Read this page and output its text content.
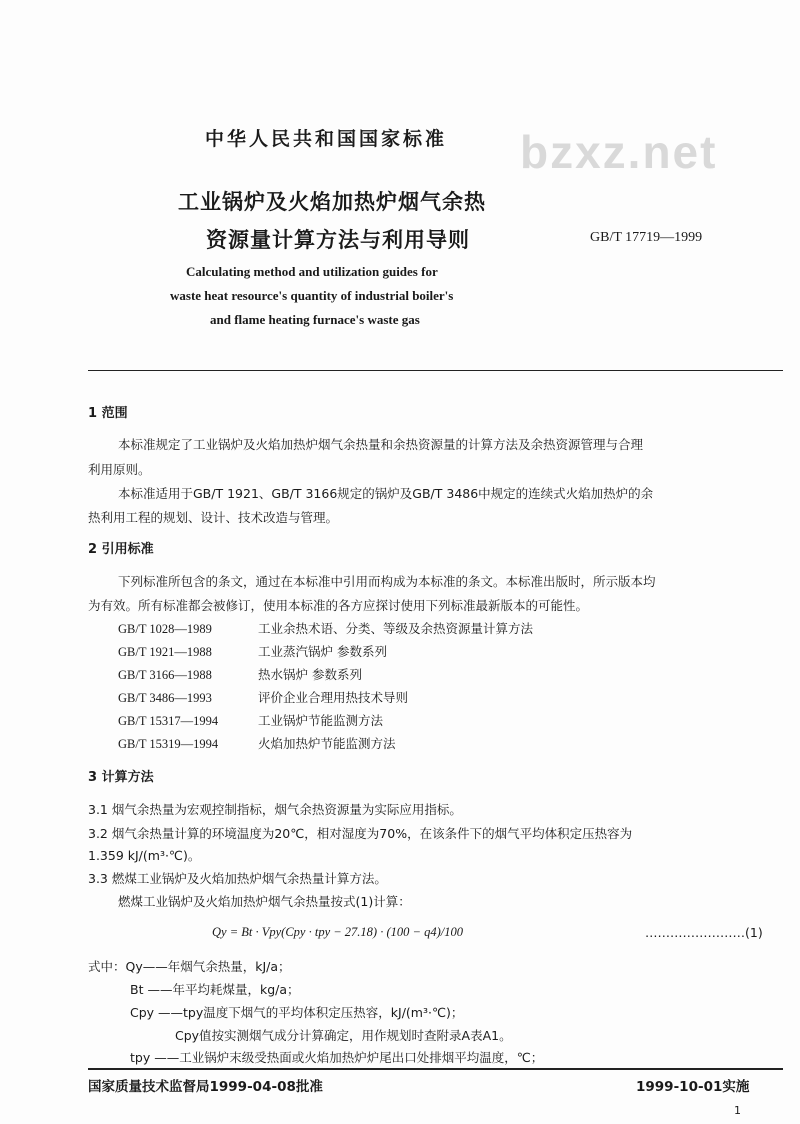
bzxz.net
中华人民共和国国家标准
工业锅炉及火焰加热炉烟气余热
资源量计算方法与利用导则	GB/T 17719—1999
Calculating method and utilization guides for
waste heat resource's quantity of industrial boiler's
and flame heating furnace's waste gas
1 范围
本标准规定了工业锅炉及火焰加热炉烟气余热量和余热资源量的计算方法及余热资源管理与合理
利用原则。
本标准适用于GB/T 1921、GB/T 3166规定的锅炉及GB/T 3486中规定的连续式火焰加热炉的余
热利用工程的规划、设计、技术改造与管理。
2 引用标准
下列标准所包含的条文，通过在本标准中引用而构成为本标准的条文。本标准出版时，所示版本均
为有效。所有标准都会被修订，使用本标准的各方应探讨使用下列标准最新版本的可能性。
GB/T 1028—1989	工业余热术语、分类、等级及余热资源量计算方法
GB/T 1921—1988	工业蒸汽锅炉 参数系列
GB/T 3166—1988	热水锅炉 参数系列
GB/T 3486—1993	评价企业合理用热技术导则
GB/T 15317—1994	工业锅炉节能监测方法
GB/T 15319—1994	火焰加热炉节能监测方法
3 计算方法
3.1 烟气余热量为宏观控制指标，烟气余热资源量为实际应用指标。
3.2 烟气余热量计算的环境温度为20℃，相对湿度为70%，在该条件下的烟气平均体积定压热容为
1.359 kJ/(m³·℃)。
3.3 燃煤工业锅炉及火焰加热炉烟气余热量计算方法。
燃煤工业锅炉及火焰加热炉烟气余热量按式(1)计算：
Qy = Bt · Vpy(Cpy · tpy − 27.18) · (100 − q4)/100	……………………(1)
式中：Qy——年烟气余热量，kJ/a；
Bt ——年平均耗煤量，kg/a；
Cpy ——tpy温度下烟气的平均体积定压热容，kJ/(m³·℃)；
Cpy值按实测烟气成分计算确定，用作规划时查附录A表A1。
tpy ——工业锅炉末级受热面或火焰加热炉炉尾出口处排烟平均温度，℃；
国家质量技术监督局1999-04-08批准	1999-10-01实施
1
